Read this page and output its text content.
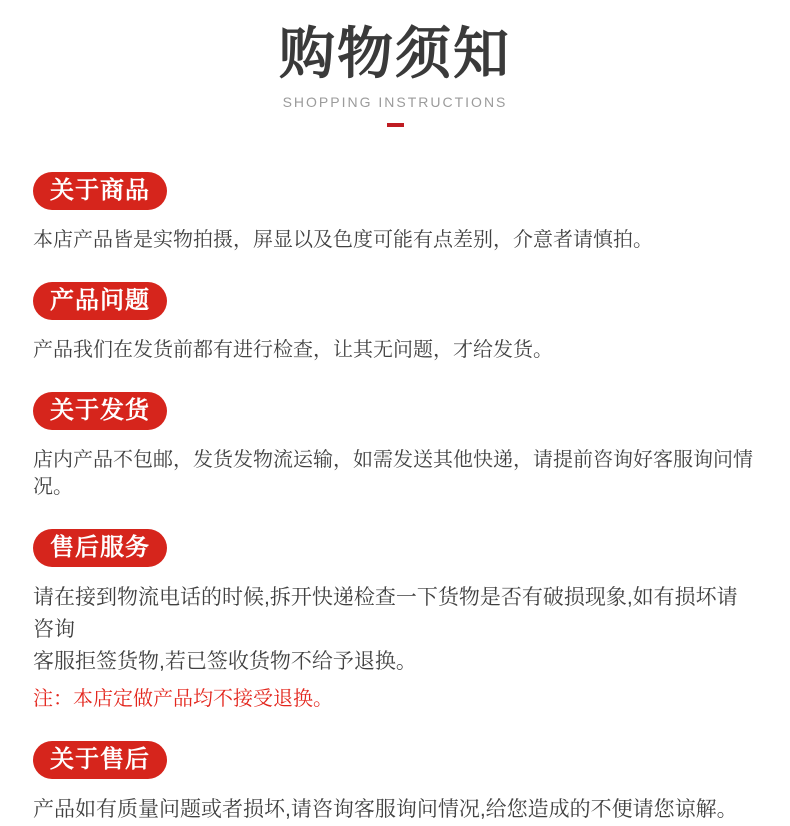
购物须知
SHOPPING INSTRUCTIONS
关于商品

本店产品皆是实物拍摄，屏显以及色度可能有点差别，介意者请慎拍。

产品问题

产品我们在发货前都有进行检查，让其无问题，才给发货。

关于发货

店内产品不包邮，发货发物流运输，如需发送其他快递，请提前咨询好客服询问情况。

售后服务

请在接到物流电话的时候,拆开快递检查一下货物是否有破损现象,如有损坏请咨询

客服拒签货物,若已签收货物不给予退换。

注：本店定做产品均不接受退换。

关于售后

产品如有质量问题或者损坏,请咨询客服询问情况,给您造成的不便请您谅解。
